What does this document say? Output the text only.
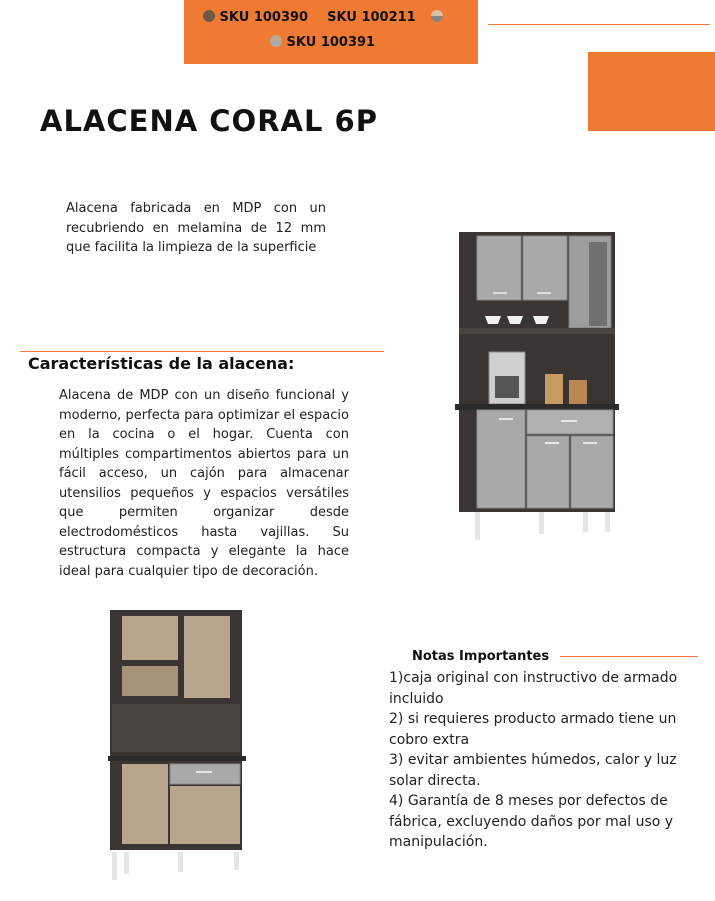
SKU 100390 SKU 100211
SKU 100391
ALACENA CORAL 6P
Alacena fabricada en MDP con un recubriendo en melamina de 12 mm que facilita la limpieza de la superficie
Características de la alacena:
Alacena de MDP con un diseño funcional y moderno, perfecta para optimizar el espacio en la cocina o el hogar. Cuenta con múltiples compartimentos abiertos para un fácil acceso, un cajón para almacenar utensilios pequeños y espacios versátiles que permiten organizar desde electrodomésticos hasta vajillas. Su estructura compacta y elegante la hace ideal para cualquier tipo de decoración.
Notas Importantes
1)caja original con instructivo de armado incluido
2) si requieres producto armado tiene un cobro extra
3) evitar ambientes húmedos, calor y luz solar directa.
4) Garantía de 8 meses por defectos de fábrica, excluyendo daños por mal uso y manipulación.
